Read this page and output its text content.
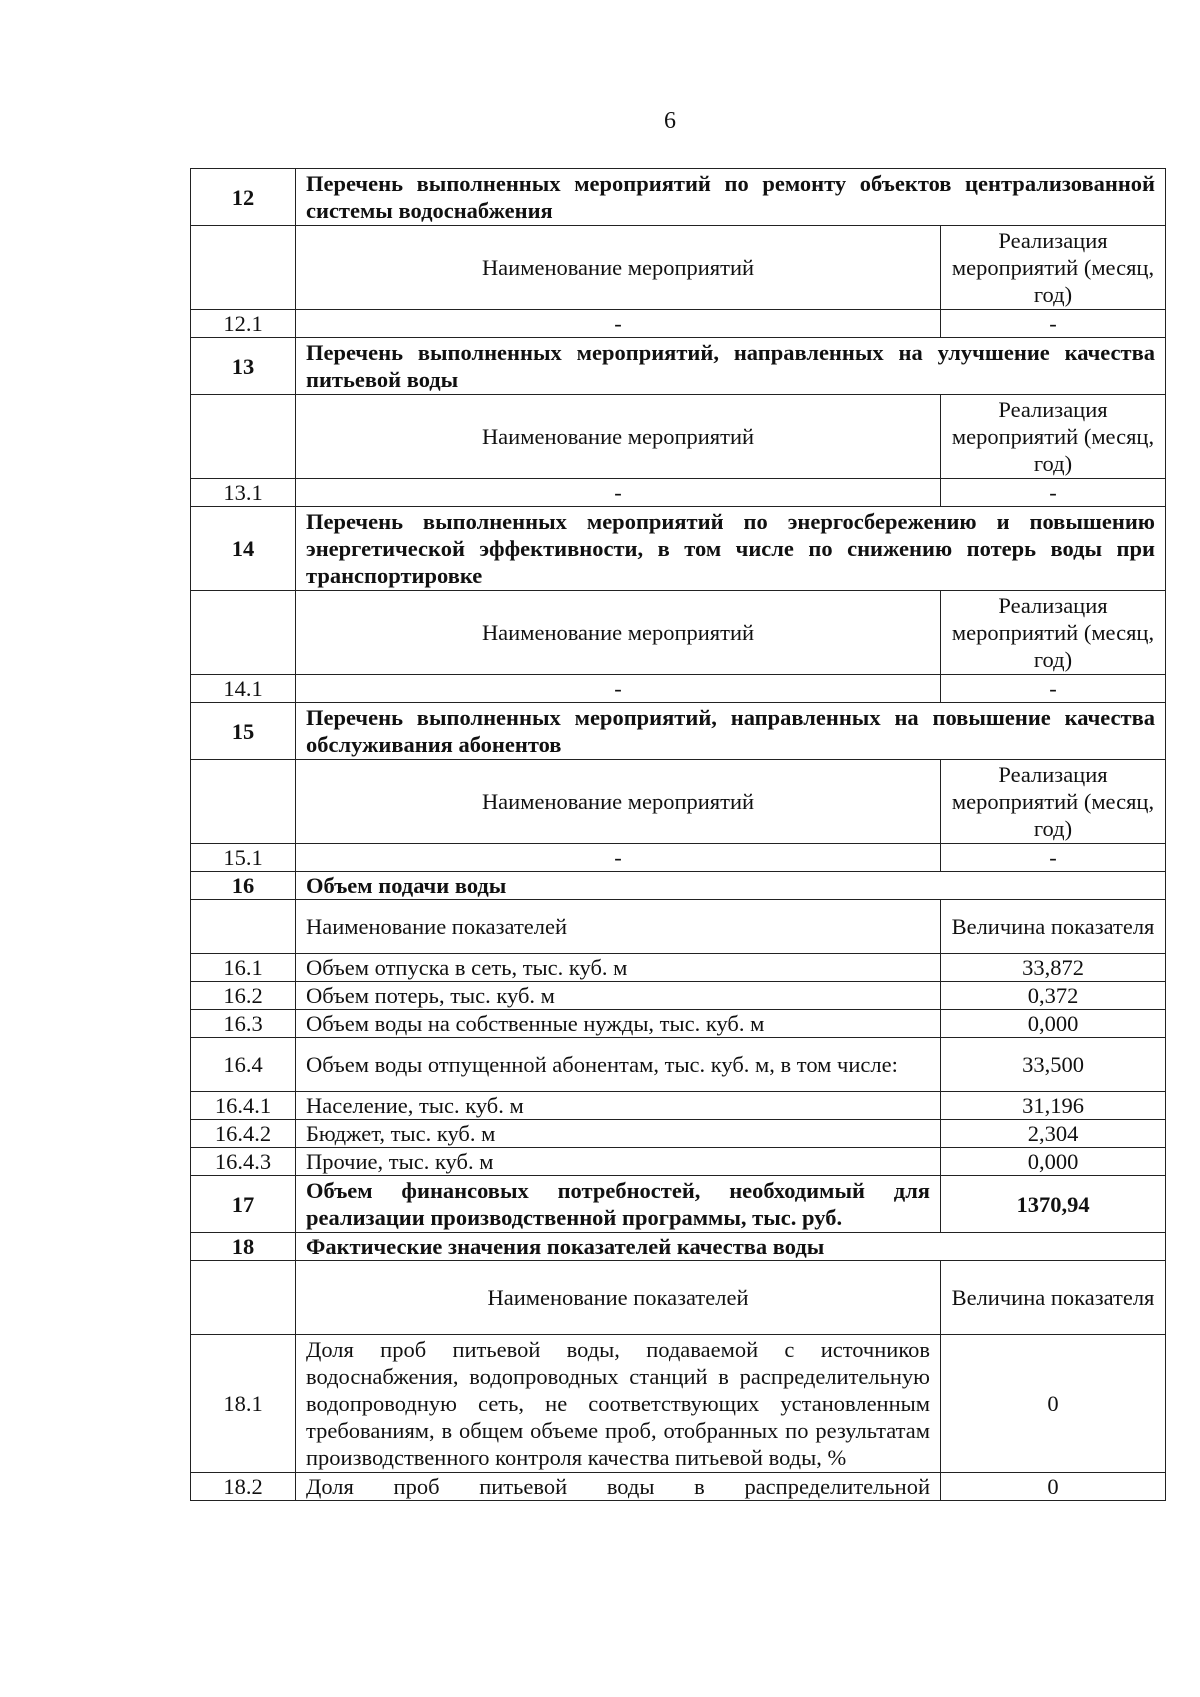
6
12	Перечень выполненных мероприятий по ремонту объектов централизованной системы водоснабжения	
	Наименование мероприятий	Реализация мероприятий (месяц, год)
12.1	-	-
13	Перечень выполненных мероприятий, направленных на улучшение качества питьевой воды	
	Наименование мероприятий	Реализация мероприятий (месяц, год)
13.1	-	-
14	Перечень выполненных мероприятий по энергосбережению и повышению энергетической эффективности, в том числе по снижению потерь воды при транспортировке	
	Наименование мероприятий	Реализация мероприятий (месяц, год)
14.1	-	-
15	Перечень выполненных мероприятий, направленных на повышение качества обслуживания абонентов	
	Наименование мероприятий	Реализация мероприятий (месяц, год)
15.1	-	-
16	Объем подачи воды	
	Наименование показателей	Величина показателя
16.1	Объем отпуска в сеть, тыс. куб. м	33,872
16.2	Объем потерь, тыс. куб. м	0,372
16.3	Объем воды на собственные нужды, тыс. куб. м	0,000
16.4	Объем воды отпущенной абонентам, тыс. куб. м, в том числе:	33,500
16.4.1	Население, тыс. куб. м	31,196
16.4.2	Бюджет, тыс. куб. м	2,304
16.4.3	Прочие, тыс. куб. м	0,000
17	Объем финансовых потребностей, необходимый для реализации производственной программы, тыс. руб.	1370,94
18	Фактические значения показателей качества воды	
	Наименование показателей	Величина показателя
18.1	Доля проб питьевой воды, подаваемой с источников водоснабжения, водопроводных станций в распределительную водопроводную сеть, не соответствующих установленным требованиям, в общем объеме проб, отобранных по результатам производственного контроля качества питьевой воды, %	0
18.2	Доля проб питьевой воды в распределительной	0
